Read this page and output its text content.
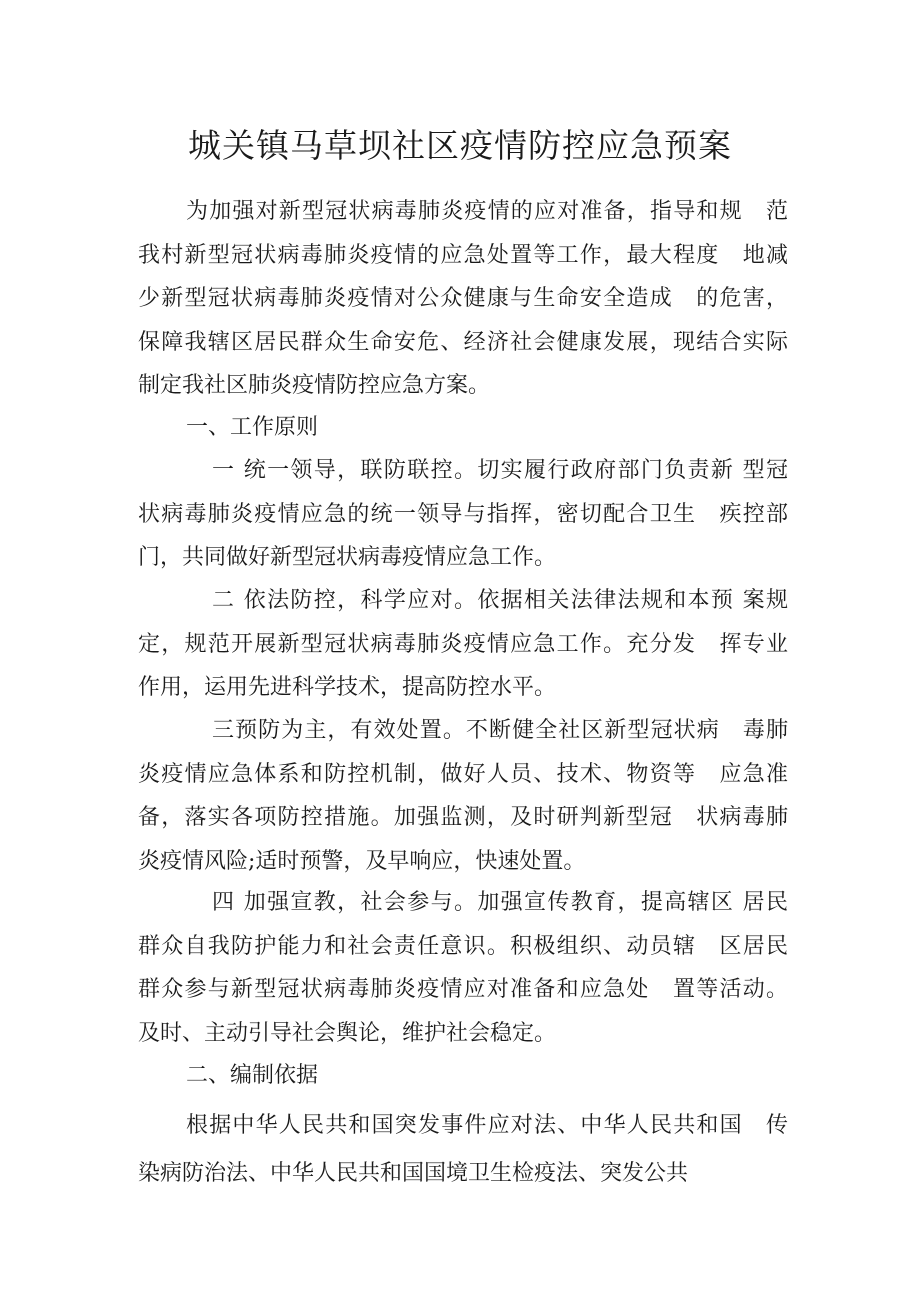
城关镇马草坝社区疫情防控应急预案
为加强对新型冠状病毒肺炎疫情的应对准备，指导和规　范
我村新型冠状病毒肺炎疫情的应急处置等工作，最大程度　地减
少新型冠状病毒肺炎疫情对公众健康与生命安全造成　的危害，
保障我辖区居民群众生命安危、经济社会健康发展，现结合实际
制定我社区肺炎疫情防控应急方案。
一、工作原则
一 统一领导，联防联控。切实履行政府部门负责新 型冠
状病毒肺炎疫情应急的统一领导与指挥，密切配合卫生　疾控部
门，共同做好新型冠状病毒疫情应急工作。
二 依法防控，科学应对。依据相关法律法规和本预 案规
定，规范开展新型冠状病毒肺炎疫情应急工作。充分发　挥专业
作用，运用先进科学技术，提高防控水平。
三预防为主，有效处置。不断健全社区新型冠状病　毒肺
炎疫情应急体系和防控机制，做好人员、技术、物资等　应急准
备，落实各项防控措施。加强监测，及时研判新型冠　状病毒肺
炎疫情风险;适时预警，及早响应，快速处置。
四 加强宣教，社会参与。加强宣传教育，提高辖区 居民
群众自我防护能力和社会责任意识。积极组织、动员辖　区居民
群众参与新型冠状病毒肺炎疫情应对准备和应急处　置等活动。
及时、主动引导社会舆论，维护社会稳定。
二、编制依据
根据中华人民共和国突发事件应对法、中华人民共和国　传
染病防治法、中华人民共和国国境卫生检疫法、突发公共
